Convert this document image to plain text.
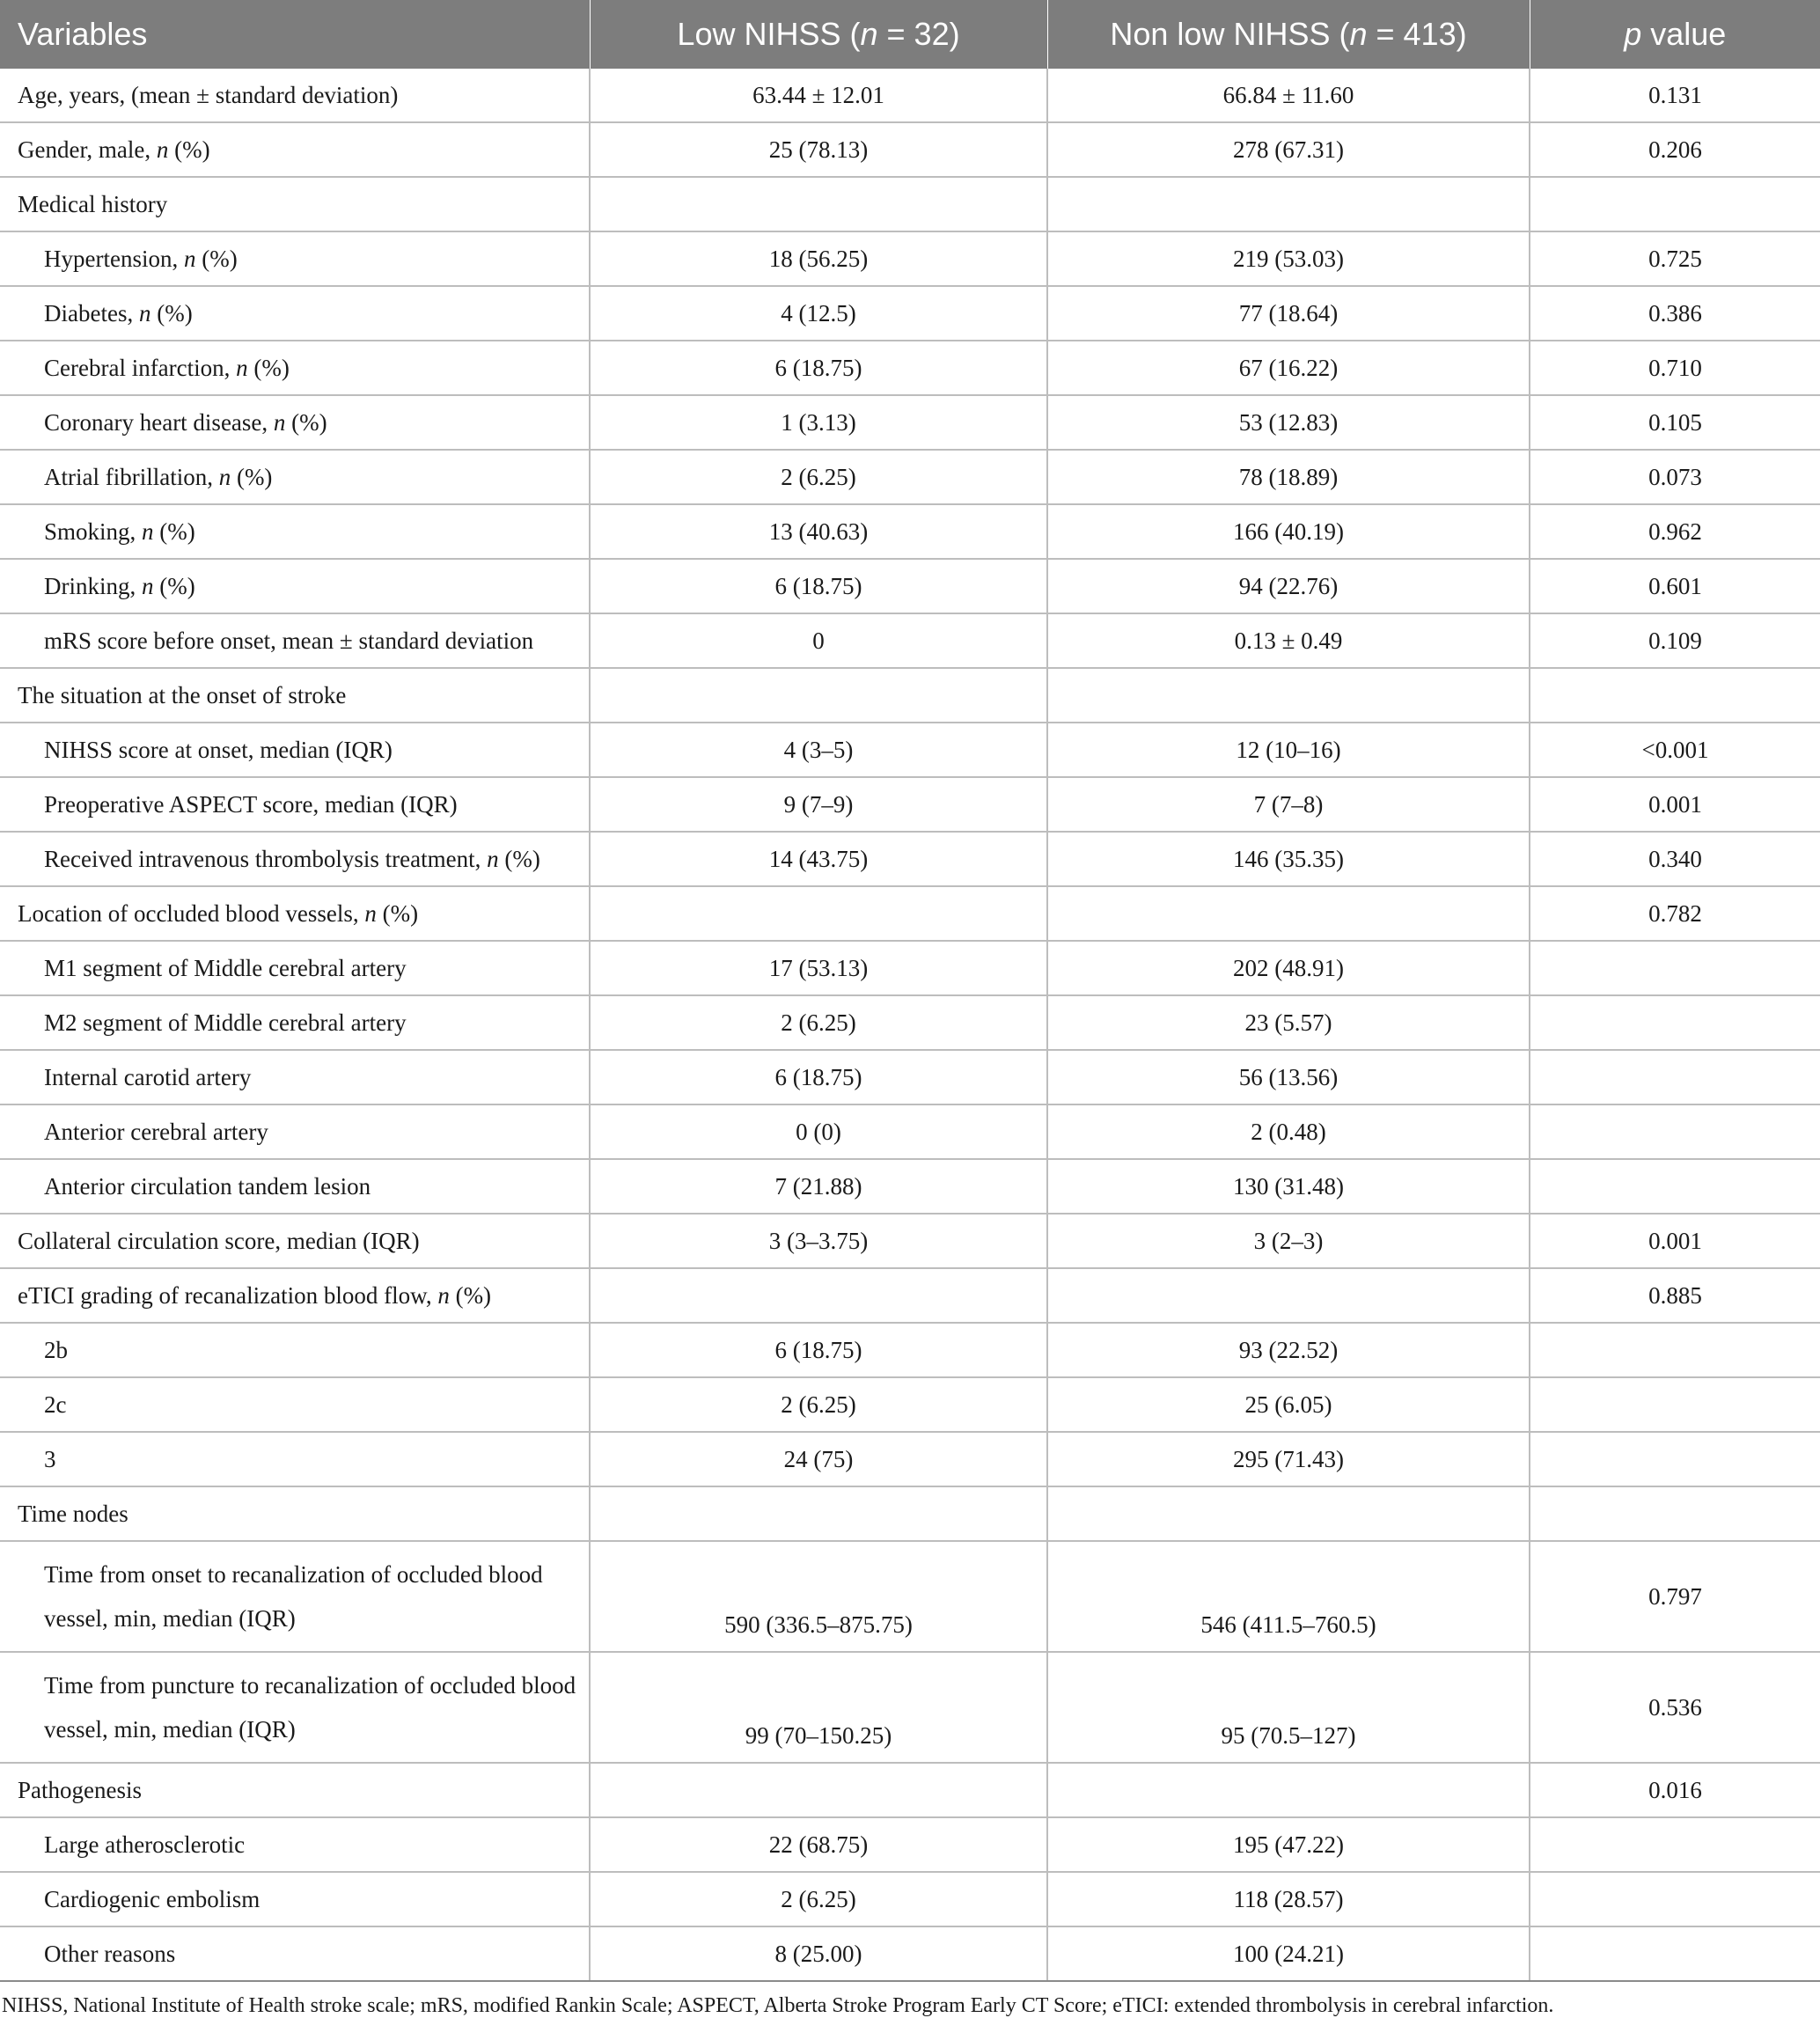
Variables	Low NIHSS (n = 32)	Non low NIHSS (n = 413)	p value
Age, years, (mean ± standard deviation)	63.44 ± 12.01	66.84 ± 11.60	0.131
Gender, male, n (%)	25 (78.13)	278 (67.31)	0.206
Medical history			
Hypertension, n (%)	18 (56.25)	219 (53.03)	0.725
Diabetes, n (%)	4 (12.5)	77 (18.64)	0.386
Cerebral infarction, n (%)	6 (18.75)	67 (16.22)	0.710
Coronary heart disease, n (%)	1 (3.13)	53 (12.83)	0.105
Atrial fibrillation, n (%)	2 (6.25)	78 (18.89)	0.073
Smoking, n (%)	13 (40.63)	166 (40.19)	0.962
Drinking, n (%)	6 (18.75)	94 (22.76)	0.601
mRS score before onset, mean ± standard deviation	0	0.13 ± 0.49	0.109
The situation at the onset of stroke			
NIHSS score at onset, median (IQR)	4 (3–5)	12 (10–16)	<0.001
Preoperative ASPECT score, median (IQR)	9 (7–9)	7 (7–8)	0.001
Received intravenous thrombolysis treatment, n (%)	14 (43.75)	146 (35.35)	0.340
Location of occluded blood vessels, n (%)			0.782
M1 segment of Middle cerebral artery	17 (53.13)	202 (48.91)	
M2 segment of Middle cerebral artery	2 (6.25)	23 (5.57)	
Internal carotid artery	6 (18.75)	56 (13.56)	
Anterior cerebral artery	0 (0)	2 (0.48)	
Anterior circulation tandem lesion	7 (21.88)	130 (31.48)	
Collateral circulation score, median (IQR)	3 (3–3.75)	3 (2–3)	0.001
eTICI grading of recanalization blood flow, n (%)			0.885
2b	6 (18.75)	93 (22.52)	
2c	2 (6.25)	25 (6.05)	
3	24 (75)	295 (71.43)	
Time nodes			
Time from onset to recanalization of occluded blood vessel, min, median (IQR)	590 (336.5–875.75)	546 (411.5–760.5)	0.797
Time from puncture to recanalization of occluded blood vessel, min, median (IQR)	99 (70–150.25)	95 (70.5–127)	0.536
Pathogenesis			0.016
Large atherosclerotic	22 (68.75)	195 (47.22)	
Cardiogenic embolism	2 (6.25)	118 (28.57)	
Other reasons	8 (25.00)	100 (24.21)	
NIHSS, National Institute of Health stroke scale; mRS, modified Rankin Scale; ASPECT, Alberta Stroke Program Early CT Score; eTICI: extended thrombolysis in cerebral infarction.
